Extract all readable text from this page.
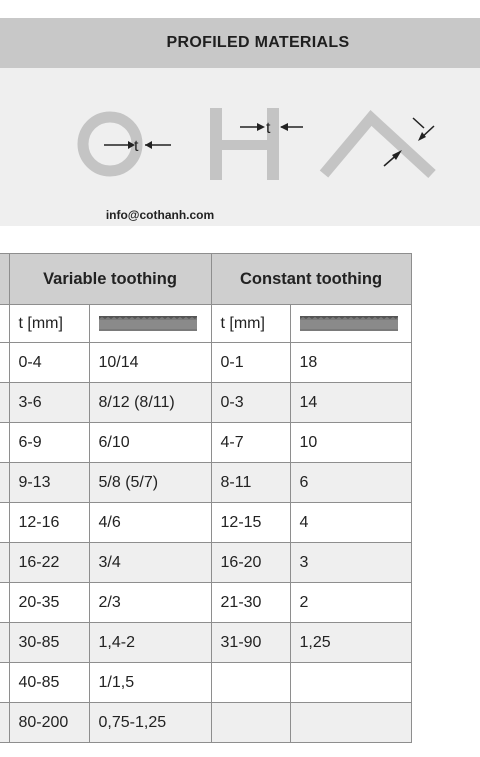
PROFILED MATERIALS
t
t
info@cothanh.com
	Variable toothing		Constant toothing	
	t [mm]		t [mm]	

	0-4	10/14	0-1	18
	3-6	8/12 (8/11)	0-3	14
	6-9	6/10	4-7	10
	9-13	5/8 (5/7)	8-11	6
	12-16	4/6	12-15	4
	16-22	3/4	16-20	3
	20-35	2/3	21-30	2
	30-85	1,4-2	31-90	1,25
	40-85	1/1,5		
	80-200	0,75-1,25		
